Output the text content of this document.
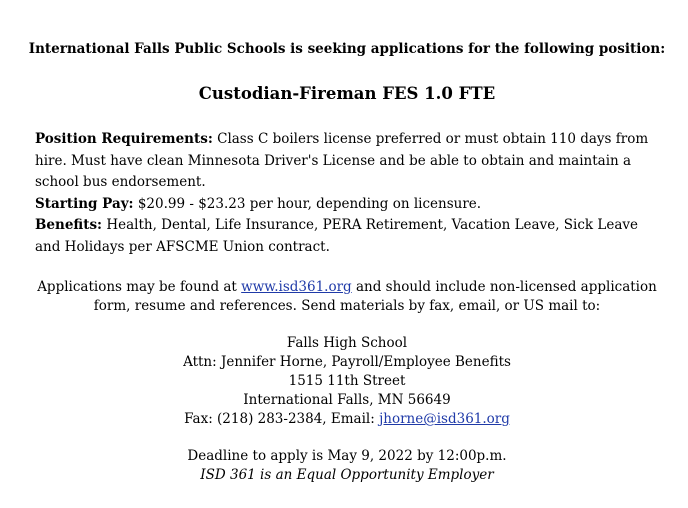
International Falls Public Schools is seeking applications for the following position:
Custodian-Fireman FES 1.0 FTE

Position Requirements: Class C boilers license preferred or must obtain 110 days from hire. Must have clean Minnesota Driver's License and be able to obtain and maintain a school bus endorsement.

Starting Pay: $20.99 - $23.23 per hour, depending on licensure.

Benefits: Health, Dental, Life Insurance, PERA Retirement, Vacation Leave, Sick Leave and Holidays per AFSCME Union contract.

Applications may be found at www.isd361.org and should include non-licensed application form, resume and references. Send materials by fax, email, or US mail to:
Falls High School
Attn: Jennifer Horne, Payroll/Employee Benefits
1515 11th Street
International Falls, MN 56649
Fax: (218) 283-2384, Email: jhorne@isd361.org
Deadline to apply is May 9, 2022 by 12:00p.m.
ISD 361 is an Equal Opportunity Employer
